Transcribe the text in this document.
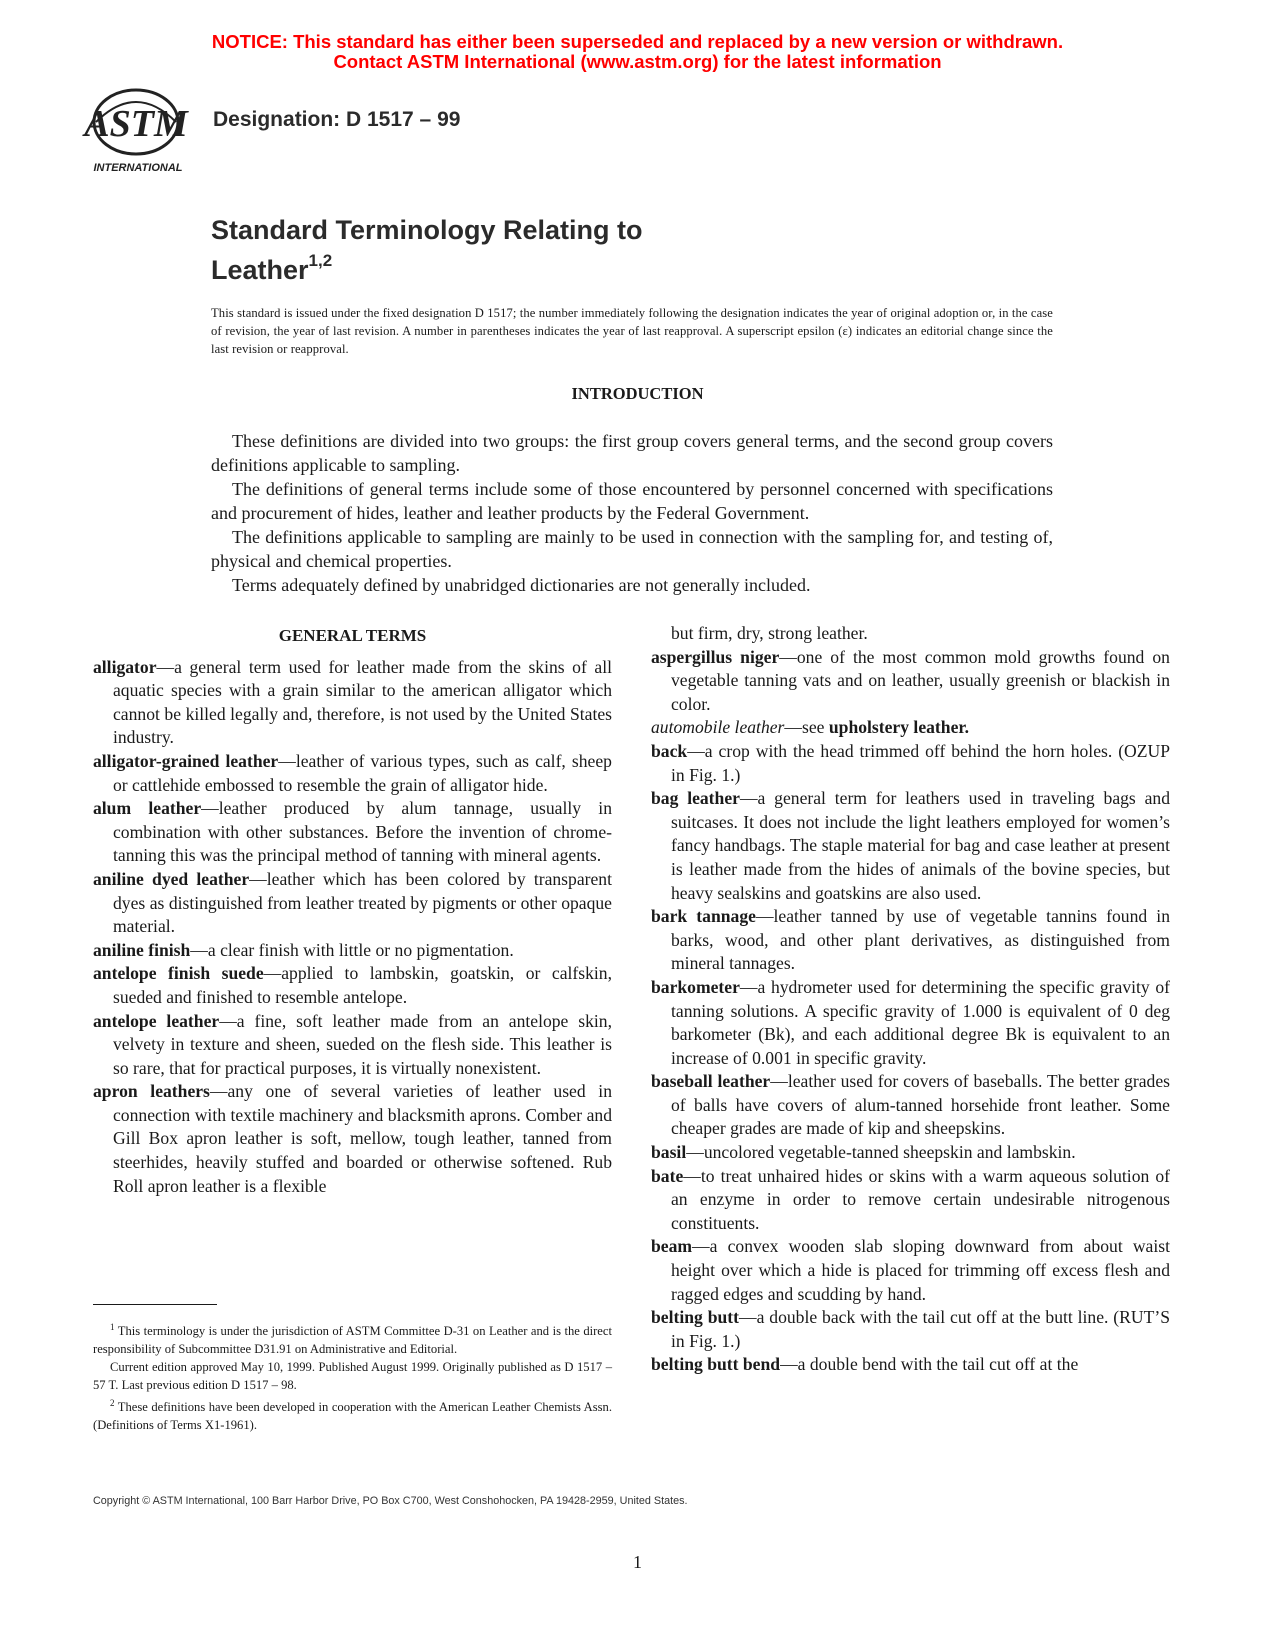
NOTICE: This standard has either been superseded and replaced by a new version or withdrawn.
Contact ASTM International (www.astm.org) for the latest information
ASTM
INTERNATIONAL
Designation: D 1517 – 99
Standard Terminology Relating to
Leather$^{1,2}$
This standard is issued under the fixed designation D 1517; the number immediately following the designation indicates the year of original adoption or, in the case of revision, the year of last revision. A number in parentheses indicates the year of last reapproval. A superscript epsilon (ε) indicates an editorial change since the last revision or reapproval.
INTRODUCTION

These definitions are divided into two groups: the first group covers general terms, and the second group covers definitions applicable to sampling.

The definitions of general terms include some of those encountered by personnel concerned with specifications and procurement of hides, leather and leather products by the Federal Government.

The definitions applicable to sampling are mainly to be used in connection with the sampling for, and testing of, physical and chemical properties.

Terms adequately defined by unabridged dictionaries are not generally included.

GENERAL TERMS

alligator—a general term used for leather made from the skins of all aquatic species with a grain similar to the american alligator which cannot be killed legally and, therefore, is not used by the United States industry.

alligator-grained leather—leather of various types, such as calf, sheep or cattlehide embossed to resemble the grain of alligator hide.

alum leather—leather produced by alum tannage, usually in combination with other substances. Before the invention of chrome-tanning this was the principal method of tanning with mineral agents.

aniline dyed leather—leather which has been colored by transparent dyes as distinguished from leather treated by pigments or other opaque material.

aniline finish—a clear finish with little or no pigmentation.

antelope finish suede—applied to lambskin, goatskin, or calfskin, sueded and finished to resemble antelope.

antelope leather—a fine, soft leather made from an antelope skin, velvety in texture and sheen, sueded on the flesh side. This leather is so rare, that for practical purposes, it is virtually nonexistent.

apron leathers—any one of several varieties of leather used in connection with textile machinery and blacksmith aprons. Comber and Gill Box apron leather is soft, mellow, tough leather, tanned from steerhides, heavily stuffed and boarded or otherwise softened. Rub Roll apron leather is a flexible

but firm, dry, strong leather.

aspergillus niger—one of the most common mold growths found on vegetable tanning vats and on leather, usually greenish or blackish in color.

automobile leather—see upholstery leather.

back—a crop with the head trimmed off behind the horn holes. (OZUP in Fig. 1.)

bag leather—a general term for leathers used in traveling bags and suitcases. It does not include the light leathers employed for women’s fancy handbags. The staple material for bag and case leather at present is leather made from the hides of animals of the bovine species, but heavy sealskins and goatskins are also used.

bark tannage—leather tanned by use of vegetable tannins found in barks, wood, and other plant derivatives, as distinguished from mineral tannages.

barkometer—a hydrometer used for determining the specific gravity of tanning solutions. A specific gravity of 1.000 is equivalent of 0 deg barkometer (Bk), and each additional degree Bk is equivalent to an increase of 0.001 in specific gravity.

baseball leather—leather used for covers of baseballs. The better grades of balls have covers of alum-tanned horsehide front leather. Some cheaper grades are made of kip and sheepskins.

basil—uncolored vegetable-tanned sheepskin and lambskin.

bate—to treat unhaired hides or skins with a warm aqueous solution of an enzyme in order to remove certain undesirable nitrogenous constituents.

beam—a convex wooden slab sloping downward from about waist height over which a hide is placed for trimming off excess flesh and ragged edges and scudding by hand.

belting butt—a double back with the tail cut off at the butt line. (RUT’S in Fig. 1.)

belting butt bend—a double bend with the tail cut off at the

$^1$ This terminology is under the jurisdiction of ASTM Committee D-31 on Leather and is the direct responsibility of Subcommittee D31.91 on Administrative and Editorial.

Current edition approved May 10, 1999. Published August 1999. Originally published as D 1517 – 57 T. Last previous edition D 1517 – 98.

$^2$ These definitions have been developed in cooperation with the American Leather Chemists Assn. (Definitions of Terms X1-1961).

Copyright © ASTM International, 100 Barr Harbor Drive, PO Box C700, West Conshohocken, PA 19428-2959, United States.
1
